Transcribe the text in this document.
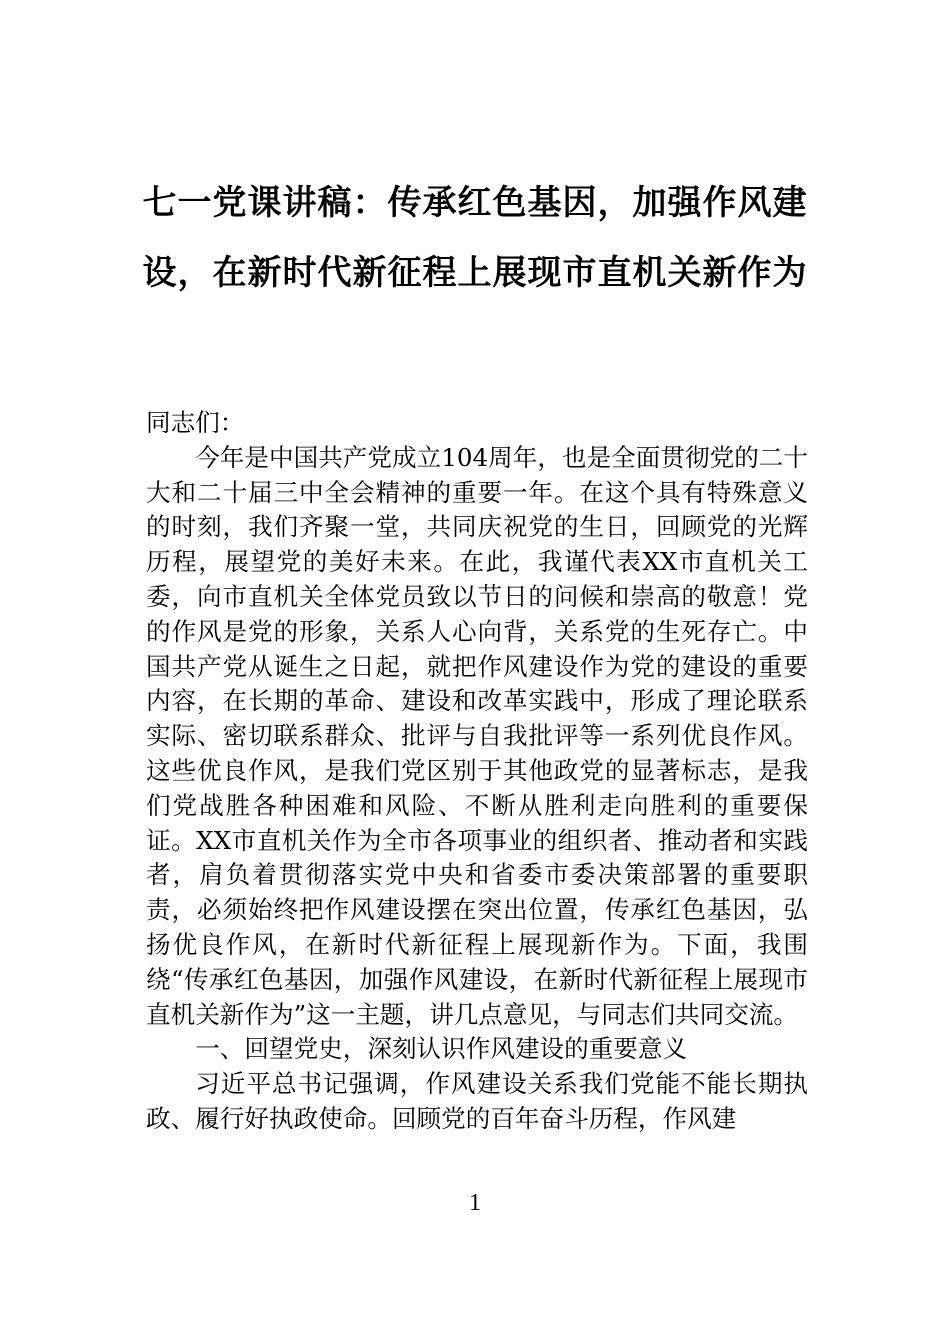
七一党课讲稿：传承红色基因，加强作风建设，在新时代新征程上展现市直机关新作为

同志们：

今年是中国共产党成立104周年，也是全面贯彻党的二十大和二十届三中全会精神的重要一年。在这个具有特殊意义的时刻，我们齐聚一堂，共同庆祝党的生日，回顾党的光辉历程，展望党的美好未来。在此，我谨代表XX市直机关工委，向市直机关全体党员致以节日的问候和崇高的敬意！党的作风是党的形象，关系人心向背，关系党的生死存亡。中国共产党从诞生之日起，就把作风建设作为党的建设的重要内容，在长期的革命、建设和改革实践中，形成了理论联系实际、密切联系群众、批评与自我批评等一系列优良作风。这些优良作风，是我们党区别于其他政党的显著标志，是我们党战胜各种困难和风险、不断从胜利走向胜利的重要保证。XX市直机关作为全市各项事业的组织者、推动者和实践者，肩负着贯彻落实党中央和省委市委决策部署的重要职责，必须始终把作风建设摆在突出位置，传承红色基因，弘扬优良作风，在新时代新征程上展现新作为。下面，我围绕“传承红色基因，加强作风建设，在新时代新征程上展现市直机关新作为”这一主题，讲几点意见，与同志们共同交流。

一、回望党史，深刻认识作风建设的重要意义

习近平总书记强调，作风建设关系我们党能不能长期执政、履行好执政使命。回顾党的百年奋斗历程，作风建

1
